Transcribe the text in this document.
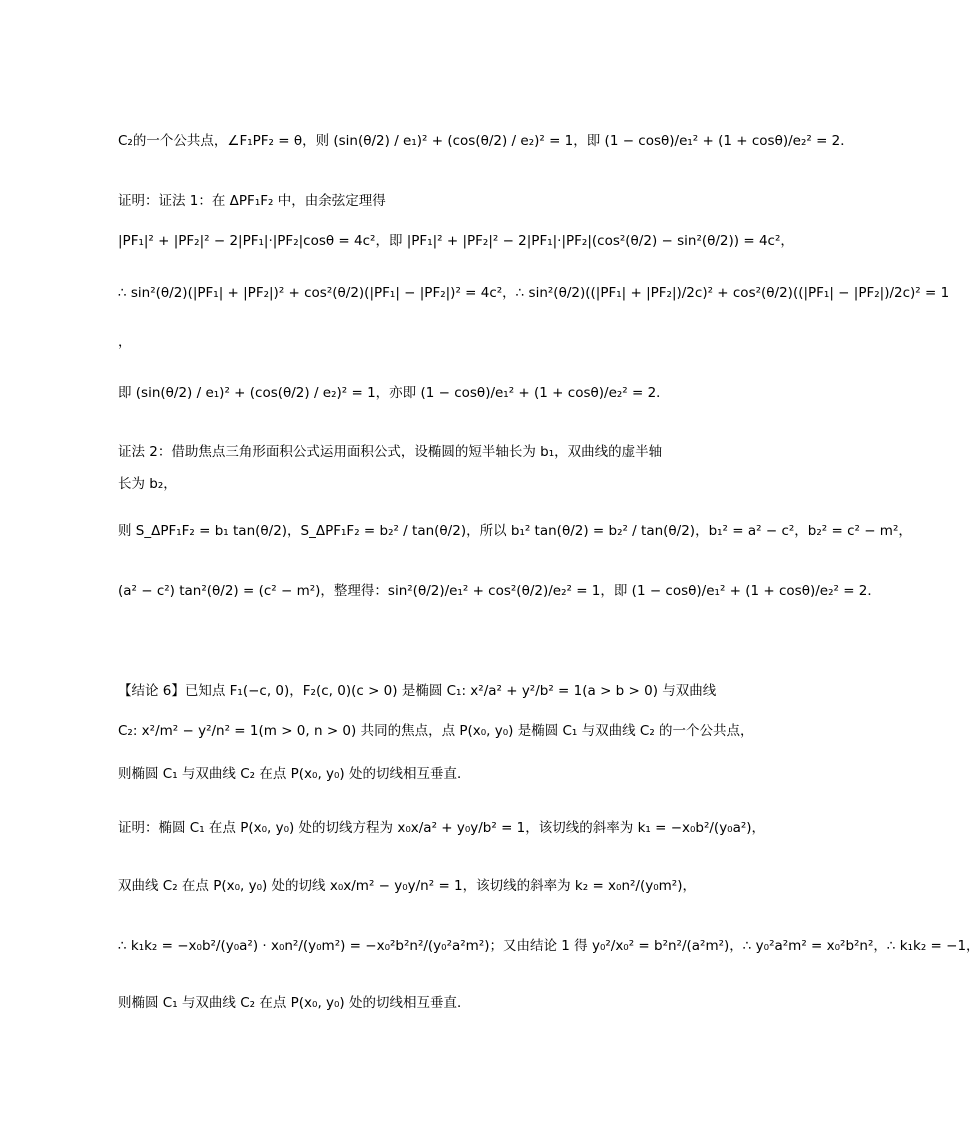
C₂的一个公共点，∠F₁PF₂ = θ，则 (sin(θ/2) / e₁)² + (cos(θ/2) / e₂)² = 1，即 (1 − cosθ)/e₁² + (1 + cosθ)/e₂² = 2．
证明：证法 1：在 ΔPF₁F₂ 中，由余弦定理得
|PF₁|² + |PF₂|² − 2|PF₁|·|PF₂|cosθ = 4c²，即 |PF₁|² + |PF₂|² − 2|PF₁|·|PF₂|(cos²(θ/2) − sin²(θ/2)) = 4c²，
∴ sin²(θ/2)(|PF₁| + |PF₂|)² + cos²(θ/2)(|PF₁| − |PF₂|)² = 4c²，∴ sin²(θ/2)((|PF₁| + |PF₂|)/2c)² + cos²(θ/2)((|PF₁| − |PF₂|)/2c)² = 1
，
即 (sin(θ/2) / e₁)² + (cos(θ/2) / e₂)² = 1，亦即 (1 − cosθ)/e₁² + (1 + cosθ)/e₂² = 2．
证法 2：借助焦点三角形面积公式运用面积公式，设椭圆的短半轴长为 b₁，双曲线的虚半轴
长为 b₂，
则 S_ΔPF₁F₂ = b₁ tan(θ/2)，S_ΔPF₁F₂ = b₂² / tan(θ/2)，所以 b₁² tan(θ/2) = b₂² / tan(θ/2)，b₁² = a² − c²，b₂² = c² − m²，
(a² − c²) tan²(θ/2) = (c² − m²)，整理得：sin²(θ/2)/e₁² + cos²(θ/2)/e₂² = 1，即 (1 − cosθ)/e₁² + (1 + cosθ)/e₂² = 2．
【结论 6】已知点 F₁(−c, 0)，F₂(c, 0)(c > 0) 是椭圆 C₁: x²/a² + y²/b² = 1(a > b > 0) 与双曲线
C₂: x²/m² − y²/n² = 1(m > 0, n > 0) 共同的焦点，点 P(x₀, y₀) 是椭圆 C₁ 与双曲线 C₂ 的一个公共点，
则椭圆 C₁ 与双曲线 C₂ 在点 P(x₀, y₀) 处的切线相互垂直．
证明：椭圆 C₁ 在点 P(x₀, y₀) 处的切线方程为 x₀x/a² + y₀y/b² = 1，该切线的斜率为 k₁ = −x₀b²/(y₀a²)，
双曲线 C₂ 在点 P(x₀, y₀) 处的切线 x₀x/m² − y₀y/n² = 1，该切线的斜率为 k₂ = x₀n²/(y₀m²)，
∴ k₁k₂ = −x₀b²/(y₀a²) · x₀n²/(y₀m²) = −x₀²b²n²/(y₀²a²m²)；又由结论 1 得 y₀²/x₀² = b²n²/(a²m²)，∴ y₀²a²m² = x₀²b²n²，∴ k₁k₂ = −1，
则椭圆 C₁ 与双曲线 C₂ 在点 P(x₀, y₀) 处的切线相互垂直．
